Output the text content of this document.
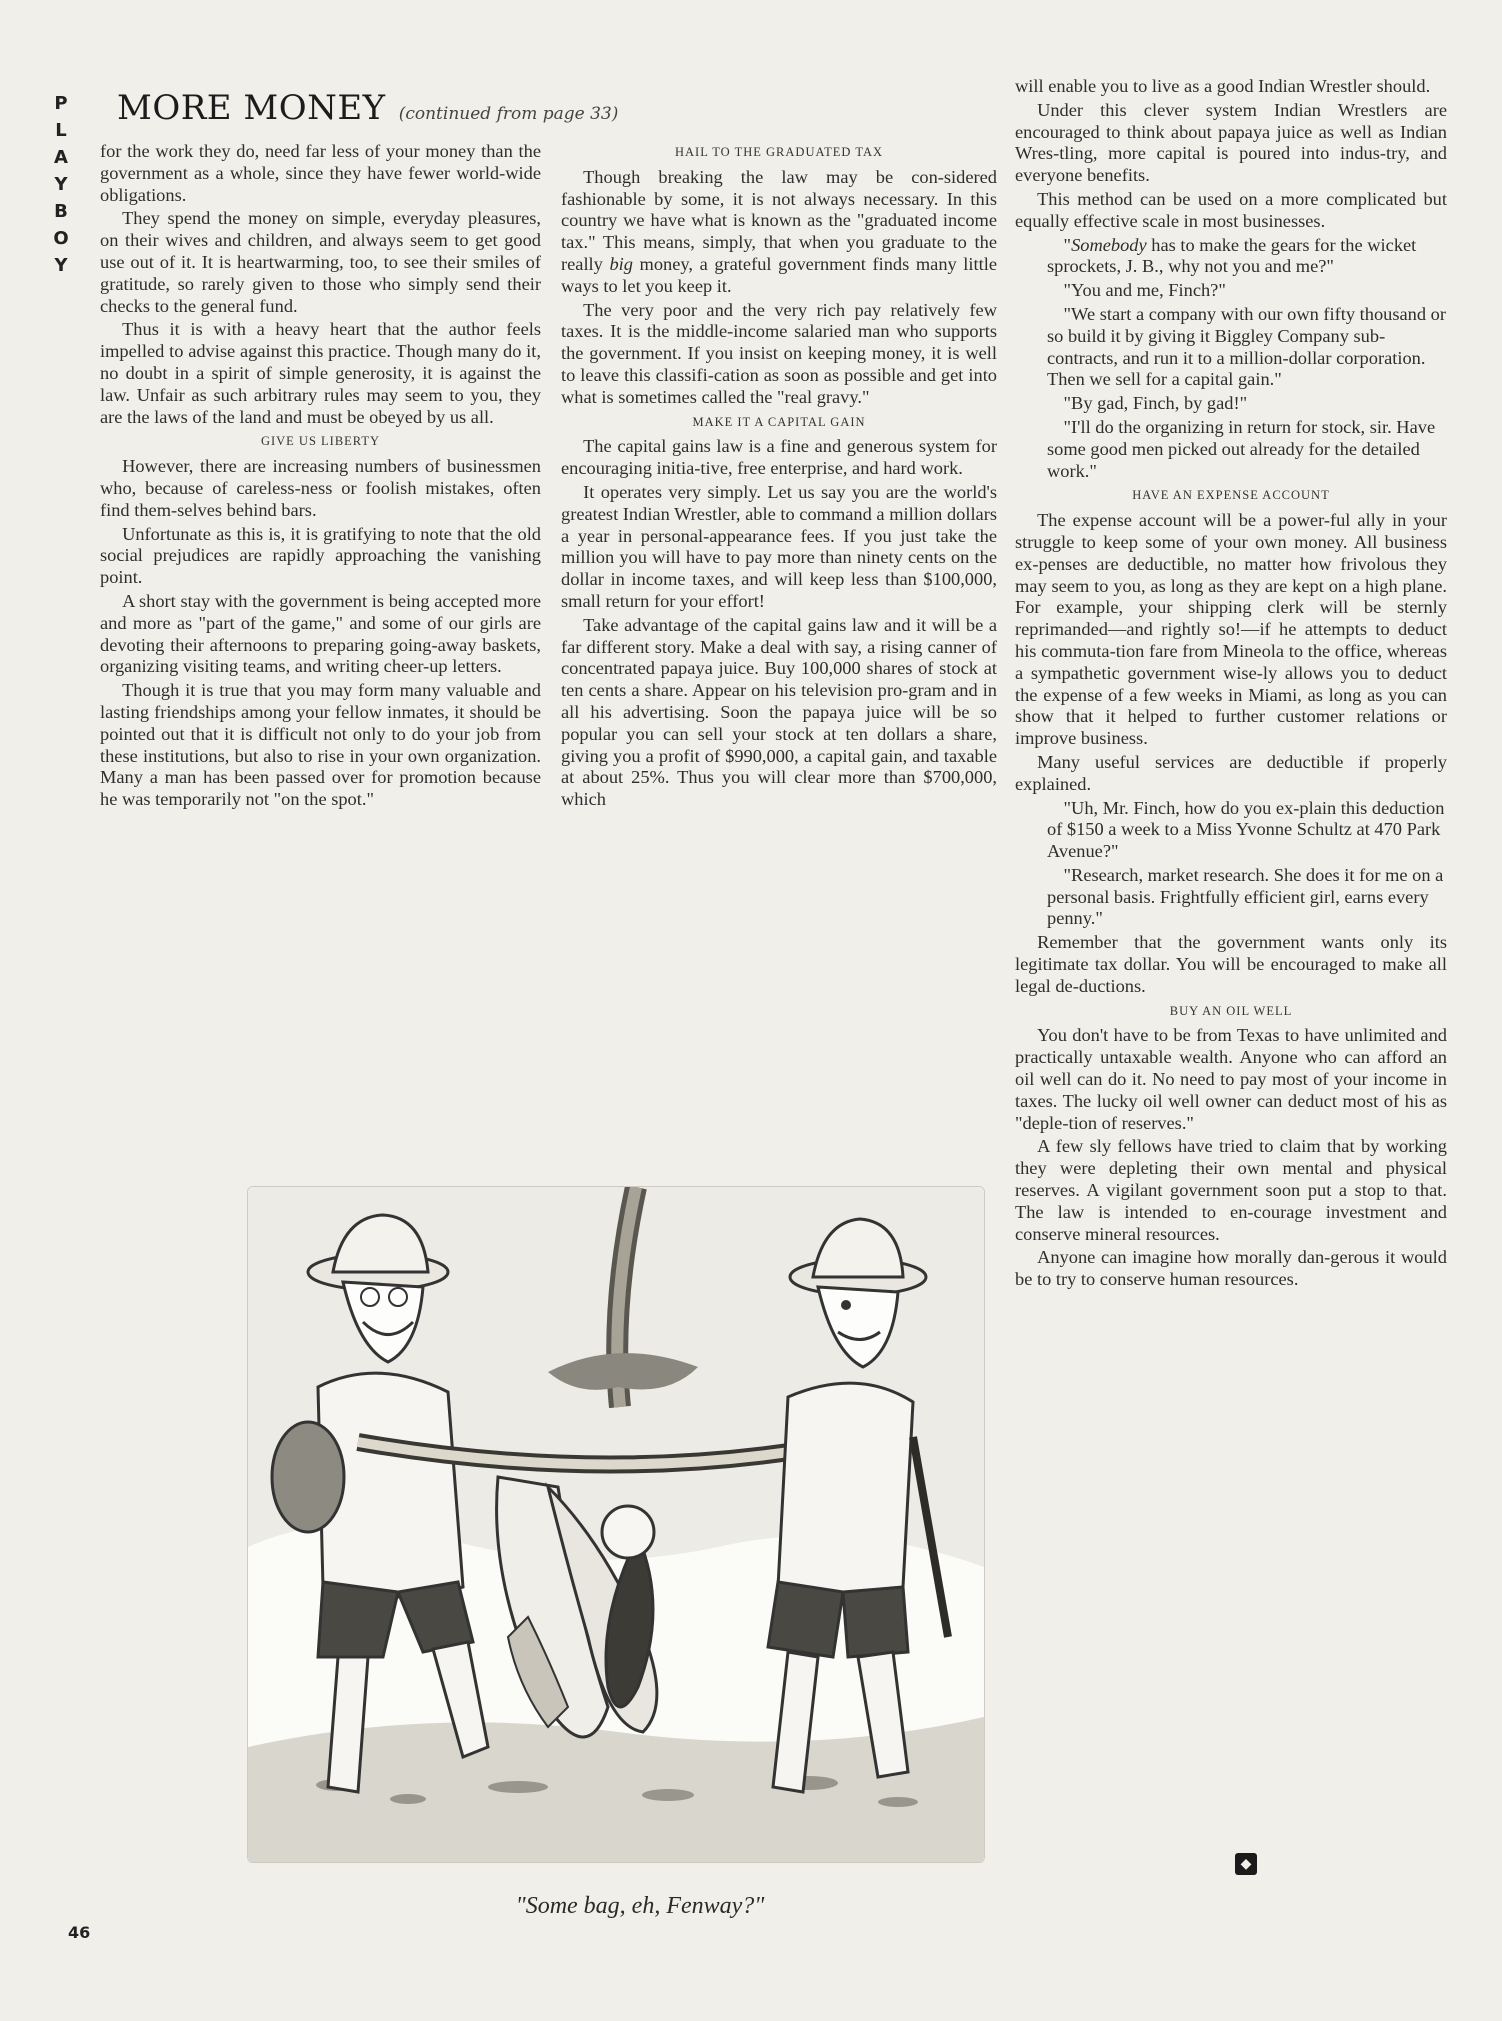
P
L
A
Y
B
O
Y
MORE MONEY (continued from page 33)

for the work they do, need far less of your money than the government as a whole, since they have fewer world-wide obligations.

They spend the money on simple, everyday pleasures, on their wives and children, and always seem to get good use out of it. It is heartwarming, too, to see their smiles of gratitude, so rarely given to those who simply send their checks to the general fund.

Thus it is with a heavy heart that the author feels impelled to advise against this practice. Though many do it, no doubt in a spirit of simple generosity, it is against the law. Unfair as such arbitrary rules may seem to you, they are the laws of the land and must be obeyed by us all.

GIVE US LIBERTY

However, there are increasing numbers of businessmen who, because of careless-ness or foolish mistakes, often find them-selves behind bars.

Unfortunate as this is, it is gratifying to note that the old social prejudices are rapidly approaching the vanishing point.

A short stay with the government is being accepted more and more as "part of the game," and some of our girls are devoting their afternoons to preparing going-away baskets, organizing visiting teams, and writing cheer-up letters.

Though it is true that you may form many valuable and lasting friendships among your fellow inmates, it should be pointed out that it is difficult not only to do your job from these institutions, but also to rise in your own organization. Many a man has been passed over for promotion because he was temporarily not "on the spot."

HAIL TO THE GRADUATED TAX

Though breaking the law may be con-sidered fashionable by some, it is not always necessary. In this country we have what is known as the "graduated income tax." This means, simply, that when you graduate to the really big money, a grateful government finds many little ways to let you keep it.

The very poor and the very rich pay relatively few taxes. It is the middle-income salaried man who supports the government. If you insist on keeping money, it is well to leave this classifi-cation as soon as possible and get into what is sometimes called the "real gravy."

MAKE IT A CAPITAL GAIN

The capital gains law is a fine and generous system for encouraging initia-tive, free enterprise, and hard work.

It operates very simply. Let us say you are the world's greatest Indian Wrestler, able to command a million dollars a year in personal-appearance fees. If you just take the million you will have to pay more than ninety cents on the dollar in income taxes, and will keep less than $100,000, small return for your effort!

Take advantage of the capital gains law and it will be a far different story. Make a deal with say, a rising canner of concentrated papaya juice. Buy 100,000 shares of stock at ten cents a share. Appear on his television pro-gram and in all his advertising. Soon the papaya juice will be so popular you can sell your stock at ten dollars a share, giving you a profit of $990,000, a capital gain, and taxable at about 25%. Thus you will clear more than $700,000, which

will enable you to live as a good Indian Wrestler should.

Under this clever system Indian Wrestlers are encouraged to think about papaya juice as well as Indian Wres-tling, more capital is poured into indus-try, and everyone benefits.

This method can be used on a more complicated but equally effective scale in most businesses.

"Somebody has to make the gears for the wicket sprockets, J. B., why not you and me?"

"You and me, Finch?"

"We start a company with our own fifty thousand or so build it by giving it Biggley Company sub-contracts, and run it to a million-dollar corporation. Then we sell for a capital gain."

"By gad, Finch, by gad!"

"I'll do the organizing in return for stock, sir. Have some good men picked out already for the detailed work."

HAVE AN EXPENSE ACCOUNT

The expense account will be a power-ful ally in your struggle to keep some of your own money. All business ex-penses are deductible, no matter how frivolous they may seem to you, as long as they are kept on a high plane. For example, your shipping clerk will be sternly reprimanded—and rightly so!—if he attempts to deduct his commuta-tion fare from Mineola to the office, whereas a sympathetic government wise-ly allows you to deduct the expense of a few weeks in Miami, as long as you can show that it helped to further customer relations or improve business.

Many useful services are deductible if properly explained.

"Uh, Mr. Finch, how do you ex-plain this deduction of $150 a week to a Miss Yvonne Schultz at 470 Park Avenue?"

"Research, market research. She does it for me on a personal basis. Frightfully efficient girl, earns every penny."

Remember that the government wants only its legitimate tax dollar. You will be encouraged to make all legal de-ductions.

BUY AN OIL WELL

You don't have to be from Texas to have unlimited and practically untaxable wealth. Anyone who can afford an oil well can do it. No need to pay most of your income in taxes. The lucky oil well owner can deduct most of his as "deple-tion of reserves."

A few sly fellows have tried to claim that by working they were depleting their own mental and physical reserves. A vigilant government soon put a stop to that. The law is intended to en-courage investment and conserve mineral resources.

Anyone can imagine how morally dan-gerous it would be to try to conserve human resources.

"Some bag, eh, Fenway?"
◆
46
